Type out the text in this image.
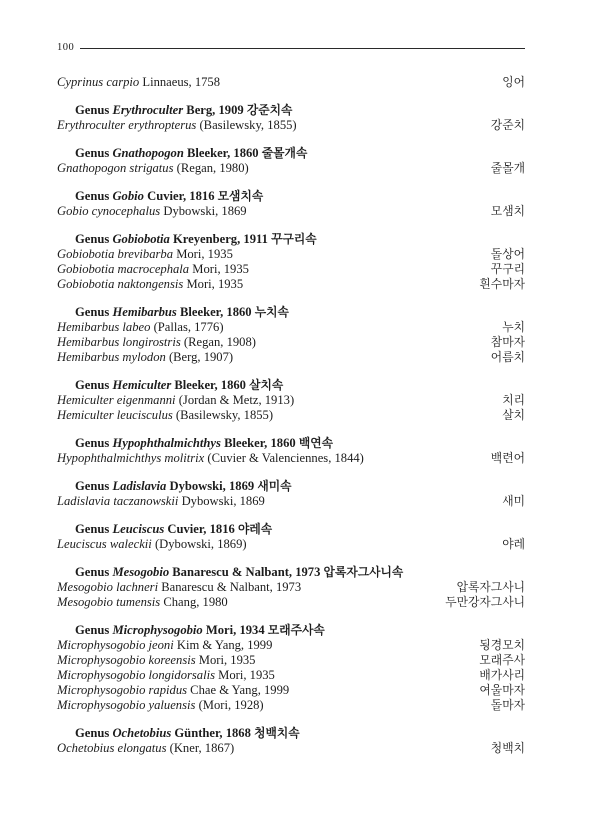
100
Cyprinus carpio Linnaeus, 1758	잉어
Genus Erythroculter Berg, 1909 강준치속
Erythroculter erythropterus (Basilewsky, 1855)	강준치
Genus Gnathopogon Bleeker, 1860 줄몰개속
Gnathopogon strigatus (Regan, 1980)	줄몰개
Genus Gobio Cuvier, 1816 모샘치속
Gobio cynocephalus Dybowski, 1869	모샘치
Genus Gobiobotia Kreyenberg, 1911 꾸구리속
Gobiobotia brevibarba Mori, 1935	돌상어
Gobiobotia macrocephala Mori, 1935	꾸구리
Gobiobotia naktongensis Mori, 1935	흰수마자
Genus Hemibarbus Bleeker, 1860 누치속
Hemibarbus labeo (Pallas, 1776)	누치
Hemibarbus longirostris (Regan, 1908)	참마자
Hemibarbus mylodon (Berg, 1907)	어름치
Genus Hemiculter Bleeker, 1860 살치속
Hemiculter eigenmanni (Jordan & Metz, 1913)	치리
Hemiculter leucisculus (Basilewsky, 1855)	살치
Genus Hypophthalmichthys Bleeker, 1860 백연속
Hypophthalmichthys molitrix (Cuvier & Valenciennes, 1844)	백련어
Genus Ladislavia Dybowski, 1869 새미속
Ladislavia taczanowskii Dybowski, 1869	새미
Genus Leuciscus Cuvier, 1816 야레속
Leuciscus waleckii (Dybowski, 1869)	야레
Genus Mesogobio Banarescu & Nalbant, 1973 압록자그사니속
Mesogobio lachneri Banarescu & Nalbant, 1973	압록자그사니
Mesogobio tumensis Chang, 1980	두만강자그사니
Genus Microphysogobio Mori, 1934 모래주사속
Microphysogobio jeoni Kim & Yang, 1999	됭경모치
Microphysogobio koreensis Mori, 1935	모래주사
Microphysogobio longidorsalis Mori, 1935	배가사리
Microphysogobio rapidus Chae & Yang, 1999	여울마자
Microphysogobio yaluensis (Mori, 1928)	돌마자
Genus Ochetobius Günther, 1868 청백치속
Ochetobius elongatus (Kner, 1867)	청백치
